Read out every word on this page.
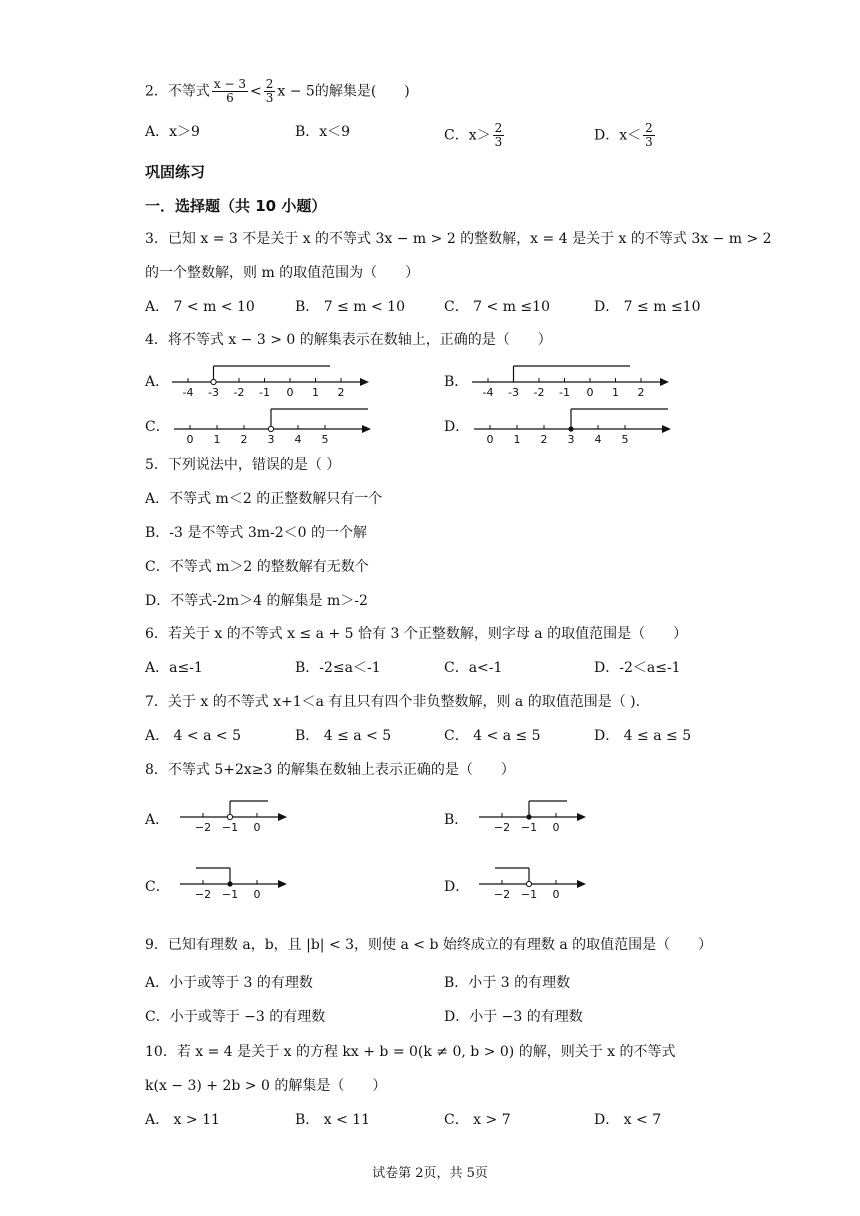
2．不等式 $\frac{x - 3}{6} < \frac{2}{3}$ x − 5的解集是(　　)
A．x＞9	B．x＜9	C．$x> \frac{2}{3}$	D．$x< \frac{2}{3}$
巩固练习
一．选择题（共 10 小题）
3．已知 x = 3 不是关于 x 的不等式 3x − m > 2 的整数解，x = 4 是关于 x 的不等式 3x − m > 2
的一个整数解，则 m 的取值范围为（　　）
A． 7 < m < 10	B． 7 ≤ m < 10	C． 7 < m ≤10	D． 7 ≤ m ≤10
4．将不等式 x − 3 > 0 的解集表示在数轴上，正确的是（　　）
A．	B．
C．	D．
-4 -3 -2 -1 0 1 2	-4 -3 -2 -1 0 1 2
0 1 2 3 4 5	0 1 2 3 4 5
5．下列说法中，错误的是（ ）
A．不等式 m＜2 的正整数解只有一个
B．-3 是不等式 3m-2＜0 的一个解
C．不等式 m＞2 的整数解有无数个
D．不等式-2m＞4 的解集是 m＞-2
6．若关于 x 的不等式 x ≤ a + 5 恰有 3 个正整数解，则字母 a 的取值范围是（　　）
A．a≤-1	B．-2≤a＜-1	C．a<-1	D．-2＜a≤-1
7．关于 x 的不等式 x+1＜a 有且只有四个非负整数解，则 a 的取值范围是（ ).
A． 4 < a < 5	B． 4 ≤ a < 5	C． 4 < a ≤ 5	D． 4 ≤ a ≤ 5
8．不等式 5+2x≥3 的解集在数轴上表示正确的是（　　）
A．	B．
C．	D．
−2 −1 0	−2 −1 0
−2 −1 0	−2 −1 0
9．已知有理数 a，b，且 |b| < 3，则使 a < b 始终成立的有理数 a 的取值范围是（　　）
A．小于或等于 3 的有理数	B．小于 3 的有理数
C．小于或等于 −3 的有理数	D．小于 −3 的有理数
10．若 x = 4 是关于 x 的方程 kx + b = 0(k ≠ 0, b > 0) 的解，则关于 x 的不等式
k(x − 3) + 2b > 0 的解集是（　　）
A． x > 11	B． x < 11	C． x > 7	D． x < 7
试卷第 2页，共 5页
